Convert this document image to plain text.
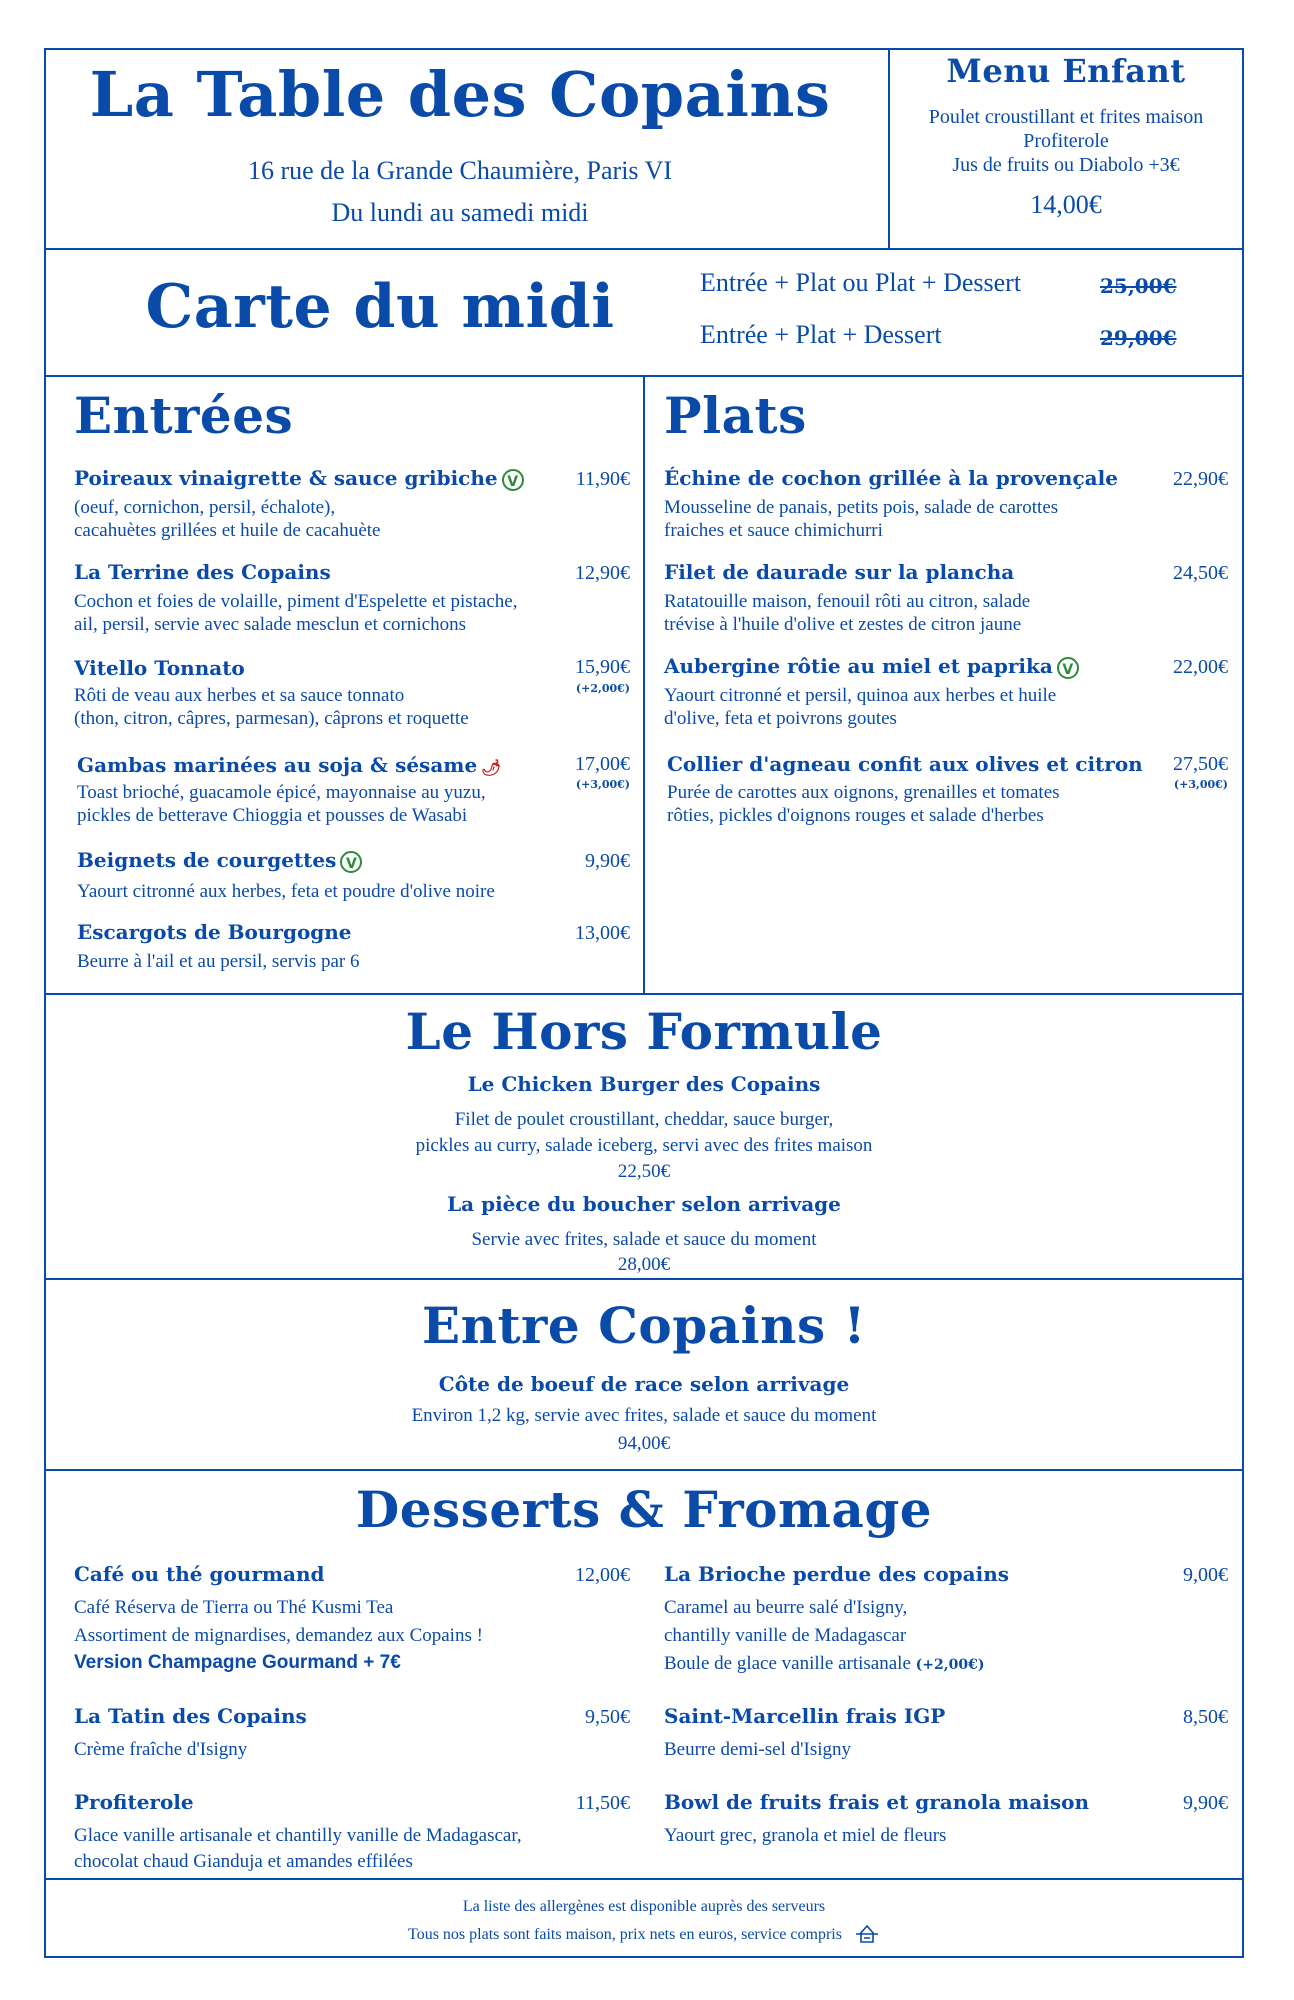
La Table des Copains
16 rue de la Grande Chaumière, Paris VI
Du lundi au samedi midi
Menu Enfant
Poulet croustillant et frites maison
Profiterole
Jus de fruits ou Diabolo +3€
14,00€
Carte du midi	Entrée + Plat ou Plat + Dessert	25,00€
Entrée + Plat + Dessert	29,00€
Entrées
Poireaux vinaigrette & sauce gribiche V	11,90€
(oeuf, cornichon, persil, échalote),
cacahuètes grillées et huile de cacahuète
La Terrine des Copains	12,90€
Cochon et foies de volaille, piment d'Espelette et pistache,
ail, persil, servie avec salade mesclun et cornichons
Vitello Tonnato	15,90€
(+2,00€)
Rôti de veau aux herbes et sa sauce tonnato
(thon, citron, câpres, parmesan), câprons et roquette
Gambas marinées au soja & sésame 🌶	17,00€
(+3,00€)
Toast brioché, guacamole épicé, mayonnaise au yuzu,
pickles de betterave Chioggia et pousses de Wasabi
Beignets de courgettes V	9,90€
Yaourt citronné aux herbes, feta et poudre d'olive noire
Escargots de Bourgogne	13,00€
Beurre à l'ail et au persil, servis par 6
Plats
Échine de cochon grillée à la provençale	22,90€
Mousseline de panais, petits pois, salade de carottes
fraiches et sauce chimichurri
Filet de daurade sur la plancha	24,50€
Ratatouille maison, fenouil rôti au citron, salade
trévise à l'huile d'olive et zestes de citron jaune
Aubergine rôtie au miel et paprika V	22,00€
Yaourt citronné et persil, quinoa aux herbes et huile
d'olive, feta et poivrons goutes
Collier d'agneau confit aux olives et citron	27,50€
(+3,00€)
Purée de carottes aux oignons, grenailles et tomates
rôties, pickles d'oignons rouges et salade d'herbes
Le Hors Formule
Le Chicken Burger des Copains
Filet de poulet croustillant, cheddar, sauce burger,
pickles au curry, salade iceberg, servi avec des frites maison
22,50€
La pièce du boucher selon arrivage
Servie avec frites, salade et sauce du moment
28,00€
Entre Copains !
Côte de boeuf de race selon arrivage
Environ 1,2 kg, servie avec frites, salade et sauce du moment
94,00€
Desserts & Fromage
Café ou thé gourmand	12,00€
Café Réserva de Tierra ou Thé Kusmi Tea
Assortiment de mignardises, demandez aux Copains !
Version Champagne Gourmand + 7€
La Tatin des Copains	9,50€
Crème fraîche d'Isigny
Profiterole	11,50€
Glace vanille artisanale et chantilly vanille de Madagascar,
chocolat chaud Gianduja et amandes effilées
La Brioche perdue des copains	9,00€
Caramel au beurre salé d'Isigny,
chantilly vanille de Madagascar
Boule de glace vanille artisanale (+2,00€)
Saint-Marcellin frais IGP	8,50€
Beurre demi-sel d'Isigny
Bowl de fruits frais et granola maison	9,90€
Yaourt grec, granola et miel de fleurs
La liste des allergènes est disponible auprès des serveurs
Tous nos plats sont faits maison, prix nets en euros, service compris
